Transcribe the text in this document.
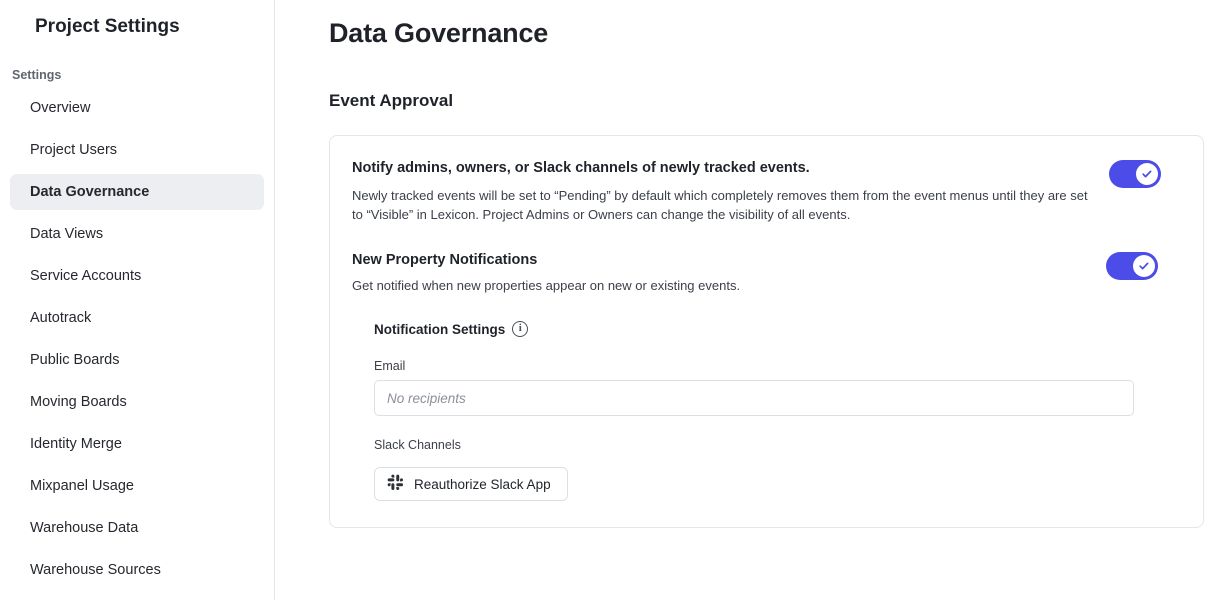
Project Settings
Settings
Overview
Project Users
Data Governance
Data Views
Service Accounts
Autotrack
Public Boards
Moving Boards
Identity Merge
Mixpanel Usage
Warehouse Data
Warehouse Sources
Data Governance
Event Approval
Notify admins, owners, or Slack channels of newly tracked events.
Newly tracked events will be set to “Pending” by default which completely removes them from the event menus until they are set to “Visible” in Lexicon. Project Admins or Owners can change the visibility of all events.
New Property Notifications
Get notified when new properties appear on new or existing events.
Notification Settings	i
Email
No recipients
Slack Channels
Reauthorize Slack App
